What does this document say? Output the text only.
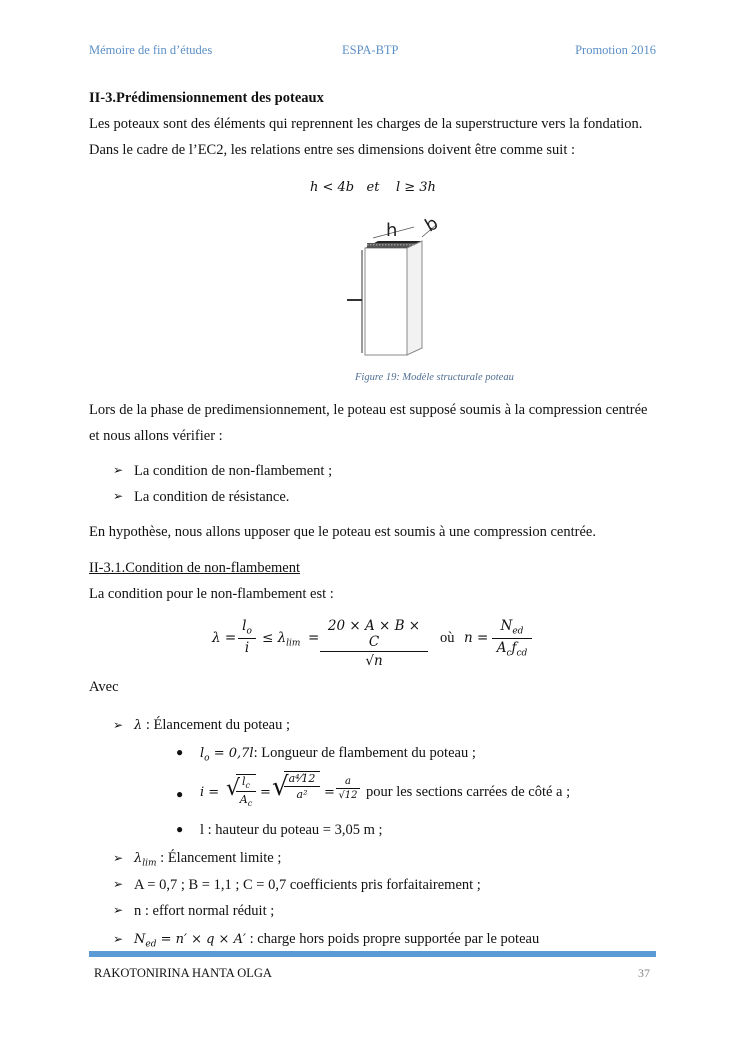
Mémoire de fin d’études	ESPA-BTP	Promotion 2016
II-3.Prédimensionnement des poteaux
Les poteaux sont des éléments qui reprennent les charges de la superstructure vers la fondation.
Dans le cadre de l’EC2, les relations entre ses dimensions doivent être comme suit :
h < 4b   et    l ≥ 3h
h b
Figure 19: Modèle structurale poteau
Lors de la phase de predimensionnement, le poteau est supposé soumis à la compression centrée
et nous allons vérifier :
➢ La condition de non-flambement ;
➢ La condition de résistance.
En hypothèse, nous allons upposer que le poteau est soumis à une compression centrée.
II-3.1.Condition de non-flambement
La condition pour le non-flambement est :
$\lambda = \frac{l_o}{i} \le \lambda_{lim} = \frac{20 \times A \times B \times C}{√n}$ où n =
$N_{ed}$
$A_cf_{cd}$
Avec
➢ λ : Élancement du poteau ;
● $l_o = 0,7l$: Longueur de flambement du poteau ;
● i = √
$\frac{l_c}{A_c}$ = √
$\frac{\text{a⁴⁄12}}{\text{a²}} = \frac{a}{√12}$ pour les sections carrées de côté a ;
● l : hauteur du poteau = 3,05 m ;
➢ $\lambda_{lim}$ : Élancement limite ;
➢ A = 0,7 ; B = 1,1 ; C = 0,7 coefficients pris forfaitairement ;
➢ n : effort normal réduit ;
➢ $N_{ed} = n' \times q \times A'$ : charge hors poids propre supportée par le poteau
RAKOTONIRINA HANTA OLGA	37
